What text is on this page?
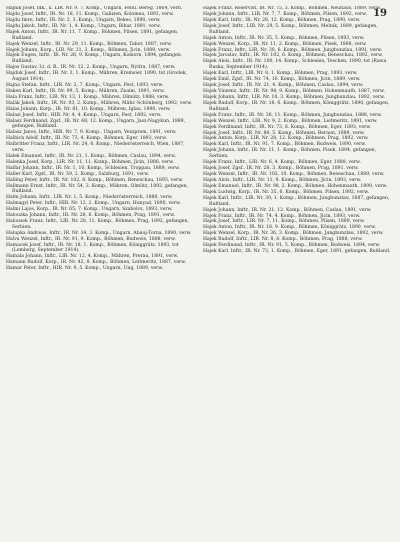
19
Hajnik Josef, ldk., ü. LIR. Nr. 9. 7. Komp., Ungarn, Fenu. Bereg. 1864, verh.
Hajdu Josef, Inftr., IR. Nr. 18, 11. Komp., Galizien, Kolomea, 1893, verw.
Hajdu Imre, Inftr., IR. Nr. 2, 3. Komp., Ungarn, Bekes, 1890, verw.
Hajdu Jakob, Inftr., IR. Nr. 1, 4. Komp., Ungarn, Bihar, 1891, verw.
Hajek Anton, Inftr., IR. Nr. 11, 7. Komp., Böhmen, Pilsen, 1891, gefangen, Rußland.
Hajek Wenzel, Inftr., IR. Nr. 29, 11. Komp., Böhmen, Tabor, 1887, verw.
Hajek Johann, Korp., LIR. Nr. 21, 3. Komp., Böhmen, Jicin, 1889, verw.
Hajek Eugen, Inftr., IR. Nr. 26, 9. Komp., Ungarn, Komorn, 1894, gefangen, Rußland.
Hajos Gustav, Lt. d. R., IR. Nr. 12, 2. Komp., Ungarn, Nyitra, 1887, verw.
Hajduk Josef, Inftr., IR. Nr. 3, 1. Komp., Mähren, Kremsier, 1890, tot (Grodek, August 1914).
Hajna Stefan, Inftr., LIR. Nr. 2, 7. Komp., Ungarn, Pest, 1893, verw.
Haken Karl, Inftr., IR. Nr. 99, 5. Komp., Mähren, Znaim, 1891, verw.
Hala Franz, Inftr., LIR. Nr. 13, 1. Komp., Mähren, Olmütz, 1888, verw.
Halák Jakob, Inftr., IR. Nr. 93, 2. Komp., Mähren, Mähr.-Schönberg, 1892, verw.
Halas Johann, Korp., IR. Nr. 81, 10. Komp., Mähren, Iglau, 1890, verw.
Halasi Josef, Inftr., HIR. Nr. 4, 4. Komp., Ungarn, Pest, 1892, verw.
Halasz Ferdinand, Zgsf., IR. Nr. 68, 12. Komp., Ungarn, Jasz-Nagykun, 1889, gefangen, Rußland.
Halasz Janos, Inftr., HIR. Nr. 7, 9. Komp., Ungarn, Veszprem, 1891, verw.
Halbich Adolf, Inftr., IR. Nr. 73, 4. Komp., Böhmen, Eger, 1893, verw.
Halbritter Franz, Inftr., LIR. Nr. 24, 6. Komp., Niederösterreich, Wien, 1887, verw.
Halek Emanuel, Inftr., IR. Nr. 21, 1. Komp., Böhmen, Caslau, 1894, verw.
Halenka Josef, Korp., LIR. Nr. 11, 11. Komp., Böhmen, Jicin, 1886, verw.
Halfar Johann, Inftr., IR. Nr. 1, 10. Komp., Schlesien, Troppau, 1889, verw.
Haller Karl, Zgsf., IR. Nr. 59, 2. Komp., Salzburg, 1891, verw.
Halling Peter, Inftr., IR. Nr. 102, 8. Komp., Böhmen, Beneschau, 1893, verw.
Hallmann Ernst, Inftr., IR. Nr. 54, 3. Komp., Mähren, Olmütz, 1892, gefangen, Rußland.
Halm Johann, Inftr., LIR. Nr. 1, 5. Komp., Niederösterreich, 1888, verw.
Halmagyi Peter, Inftr., HIR. Nr. 12, 2. Komp., Ungarn, Hunyad, 1890, verw.
Halmi Lajos, Korp., IR. Nr. 65, 7. Komp., Ungarn, Szabolcs, 1893, verw.
Halouzka Johann, Inftr., IR. Nr. 28, 6. Komp., Böhmen, Prag, 1891, verw.
Halousek Franz, Inftr., LIR. Nr. 28, 11. Komp., Böhmen, Prag, 1892, gefangen, Serbien.
Halupka Andreas, Inftr., IR. Nr. 34, 3. Komp., Ungarn, Abauj-Torna, 1890, verw.
Halva Wenzel, Inftr., IR. Nr. 91, 9. Komp., Böhmen, Budweis, 1888, verw.
Hamacek Josef, Inftr., IR. Nr. 18, 1. Komp., Böhmen, Königgrätz, 1893, tot (Lemberg, September 1914).
Hamala Johann, Inftr., LIR. Nr. 12, 4. Komp., Mähren, Prerau, 1891, verw.
Hamann Rudolf, Korp., IR. Nr. 42, 8. Komp., Böhmen, Leitmeritz, 1887, verw.
Hamar Peter, Inftr., HIR. Nr. 9, 5. Komp., Ungarn, Ung, 1889, verw.
Hajek Franz, Reservist, IR. Nr. 75, 3. Komp., Böhmen, Neuhaus, 1889, verw.
Hajek Johann, Inftr., LIR. Nr. 7, 7. Komp., Böhmen, Pilsen, 1892, verw.
Hajek Karl, Inftr., IR. Nr. 28, 12. Komp., Böhmen, Prag, 1890, verw.
Hajek Josef, Inftr., LIR. Nr. 29, 5. Komp., Böhmen, Melnik, 1889, gefangen, Rußland.
Hajek Anton, Inftr., IR. Nr. 35, 5. Komp., Böhmen, Pilsen, 1893, verw.
Hajek Wenzel, Korp., IR. Nr. 11, 2. Komp., Böhmen, Pisek, 1888, verw.
Hajek Franz, Inftr., LIR. Nr. 30, 6. Komp., Böhmen, Jungbunzlau, 1891, verw.
Hajek Jaroslav, Inftr., IR. Nr. 102, 6. Komp., Böhmen, Beneschau, 1892, verw.
Hajek Alois, Inftr., IR. Nr. 100, 14. Komp., Schlesien, Teschen, 1890, tot (Rawa Ruska, September 1914).
Hajek Karl, Inftr., LIR. Nr. 8, 1. Komp., Böhmen, Prag, 1893, verw.
Hajek Emil, Zgsf., IR. Nr. 74, 10. Komp., Böhmen, Jicin, 1889, verw.
Hajek Josef, Inftr., IR. Nr. 21, 4. Komp., Böhmen, Caslau, 1894, verw.
Hajek Vinzenz, Inftr., IR. Nr. 98, 9. Komp., Böhmen, Hohenmauth, 1887, verw.
Hajek Johann, Inftr., LIR. Nr. 10, 3. Komp., Böhmen, Jungbunzlau, 1892, verw.
Hajek Rudolf, Korp., IR. Nr. 18, 6. Komp., Böhmen, Königgrätz, 1890, gefangen, Rußland.
Hajek Franz, Inftr., IR. Nr. 36, 11. Komp., Böhmen, Jungbunzlau, 1888, verw.
Hajek Wenzel, Inftr., LIR. Nr. 9, 2. Komp., Böhmen, Leitmeritz, 1891, verw.
Hajek Ferdinand, Inftr., IR. Nr. 73, 8. Komp., Böhmen, Eger, 1893, verw.
Hajek Josef, Inftr., IR. Nr. 88, 5. Komp., Böhmen, Beraun, 1889, verw.
Hajek Anton, Korp., LIR. Nr. 28, 12. Komp., Böhmen, Prag, 1892, verw.
Hajek Karl, Inftr., IR. Nr. 91, 7. Komp., Böhmen, Budweis, 1890, verw.
Hajek Johann, Inftr., IR. Nr. 11, 1. Komp., Böhmen, Pisek, 1894, gefangen, Serbien.
Hajek Franz, Inftr., LIR. Nr. 6, 4. Komp., Böhmen, Eger, 1888, verw.
Hajek Josef, Zgsf., IR. Nr. 28, 3. Komp., Böhmen, Prag, 1891, verw.
Hajek Wenzel, Inftr., IR. Nr. 102, 10. Komp., Böhmen, Beneschau, 1889, verw.
Hajek Alois, Inftr., LIR. Nr. 11, 9. Komp., Böhmen, Jicin, 1893, verw.
Hajek Emanuel, Inftr., IR. Nr. 98, 2. Komp., Böhmen, Hohenmauth, 1890, verw.
Hajek Ludwig, Korp., IR. Nr. 35, 6. Komp., Böhmen, Pilsen, 1892, verw.
Hajek Karl, Inftr., LIR. Nr. 30, 1. Komp., Böhmen, Jungbunzlau, 1887, gefangen, Rußland.
Hajek Johann, Inftr., IR. Nr. 21, 12. Komp., Böhmen, Caslau, 1891, verw.
Hajek Franz, Inftr., IR. Nr. 74, 4. Komp., Böhmen, Jicin, 1893, verw.
Hajek Josef, Inftr., LIR. Nr. 7, 11. Komp., Böhmen, Pilsen, 1889, verw.
Hajek Anton, Inftr., IR. Nr. 18, 9. Komp., Böhmen, Königgrätz, 1890, verw.
Hajek Wenzel, Korp., IR. Nr. 36, 3. Komp., Böhmen, Jungbunzlau, 1892, verw.
Hajek Rudolf, Inftr., LIR. Nr. 8, 8. Komp., Böhmen, Prag, 1888, verw.
Hajek Ferdinand, Inftr., IR. Nr. 91, 5. Komp., Böhmen, Budweis, 1894, verw.
Hajek Karl, Inftr., IR. Nr. 73, 1. Komp., Böhmen, Eger, 1891, gefangen, Rußland.
